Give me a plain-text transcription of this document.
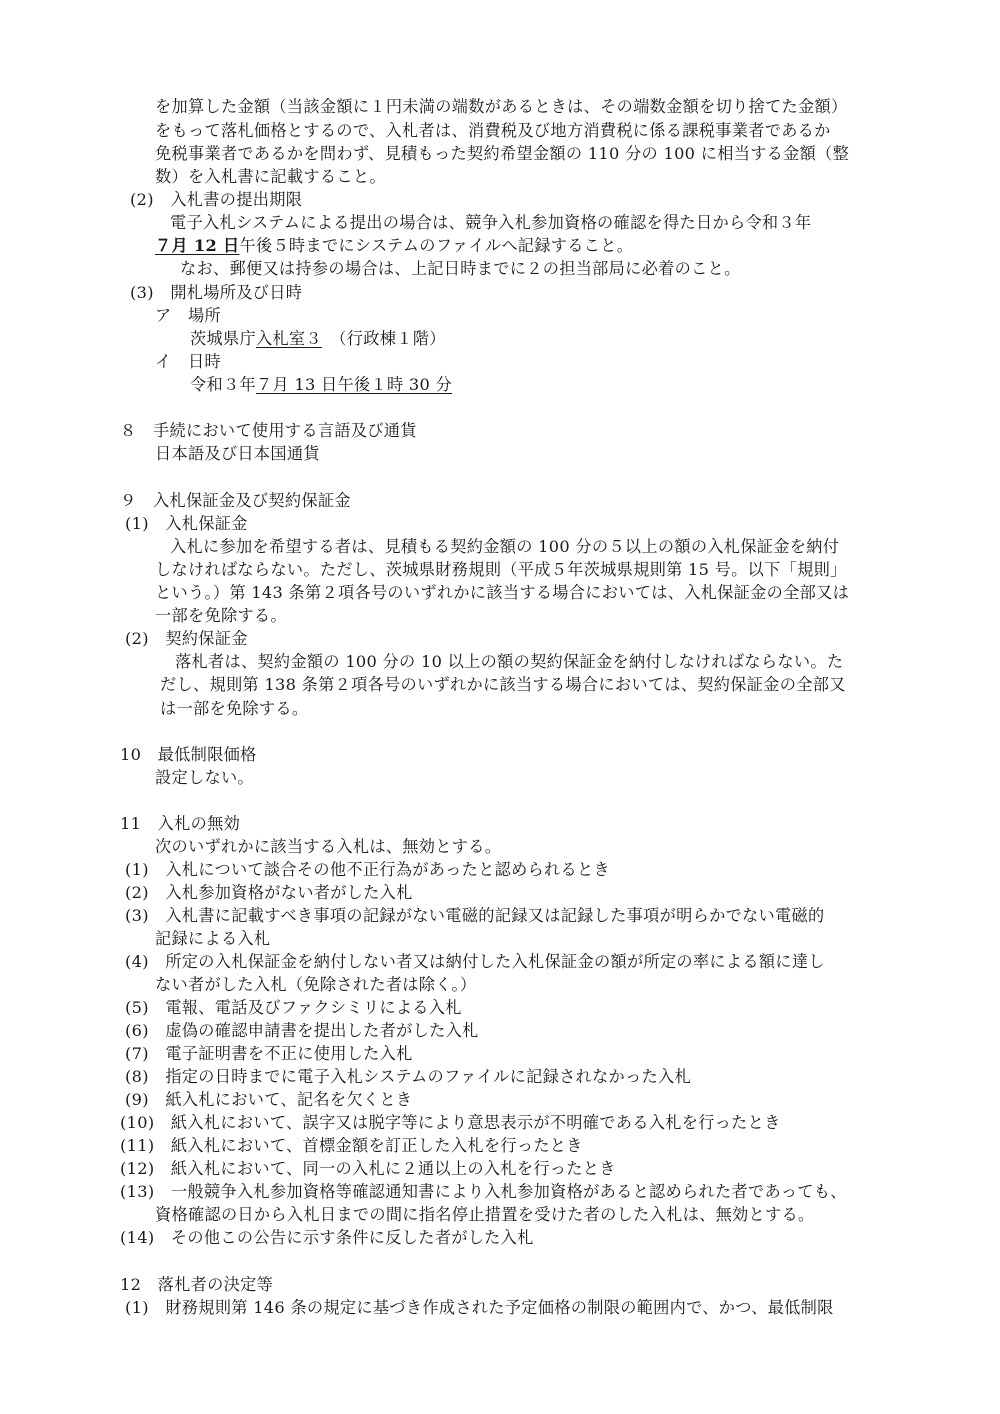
を加算した金額（当該金額に１円未満の端数があるときは、その端数金額を切り捨てた金額）
をもって落札価格とするので、入札者は、消費税及び地方消費税に係る課税事業者であるか
免税事業者であるかを問わず、見積もった契約希望金額の 110 分の 100 に相当する金額（整
数）を入札書に記載すること。
(2)　入札書の提出期限
電子入札システムによる提出の場合は、競争入札参加資格の確認を得た日から令和３年
７月 12 日午後５時までにシステムのファイルへ記録すること。
なお、郵便又は持参の場合は、上記日時までに２の担当部局に必着のこと。
(3)　開札場所及び日時
ア　場所
茨城県庁入札室３　（行政棟１階）
イ　日時
令和３年７月 13 日午後１時 30 分
８　手続において使用する言語及び通貨
日本語及び日本国通貨
９　入札保証金及び契約保証金
(1)　入札保証金
入札に参加を希望する者は、見積もる契約金額の 100 分の５以上の額の入札保証金を納付
しなければならない。ただし、茨城県財務規則（平成５年茨城県規則第 15 号。以下「規則」
という。）第 143 条第２項各号のいずれかに該当する場合においては、入札保証金の全部又は
一部を免除する。
(2)　契約保証金
落札者は、契約金額の 100 分の 10 以上の額の契約保証金を納付しなければならない。た
だし、規則第 138 条第２項各号のいずれかに該当する場合においては、契約保証金の全部又
は一部を免除する。
10　最低制限価格
設定しない。
11　入札の無効
次のいずれかに該当する入札は、無効とする。
(1)　入札について談合その他不正行為があったと認められるとき
(2)　入札参加資格がない者がした入札
(3)　入札書に記載すべき事項の記録がない電磁的記録又は記録した事項が明らかでない電磁的
記録による入札
(4)　所定の入札保証金を納付しない者又は納付した入札保証金の額が所定の率による額に達し
ない者がした入札（免除された者は除く。）
(5)　電報、電話及びファクシミリによる入札
(6)　虚偽の確認申請書を提出した者がした入札
(7)　電子証明書を不正に使用した入札
(8)　指定の日時までに電子入札システムのファイルに記録されなかった入札
(9)　紙入札において、記名を欠くとき
(10)　紙入札において、誤字又は脱字等により意思表示が不明確である入札を行ったとき
(11)　紙入札において、首標金額を訂正した入札を行ったとき
(12)　紙入札において、同一の入札に２通以上の入札を行ったとき
(13)　一般競争入札参加資格等確認通知書により入札参加資格があると認められた者であっても、
資格確認の日から入札日までの間に指名停止措置を受けた者のした入札は、無効とする。
(14)　その他この公告に示す条件に反した者がした入札
12　落札者の決定等
(1)　財務規則第 146 条の規定に基づき作成された予定価格の制限の範囲内で、かつ、最低制限
